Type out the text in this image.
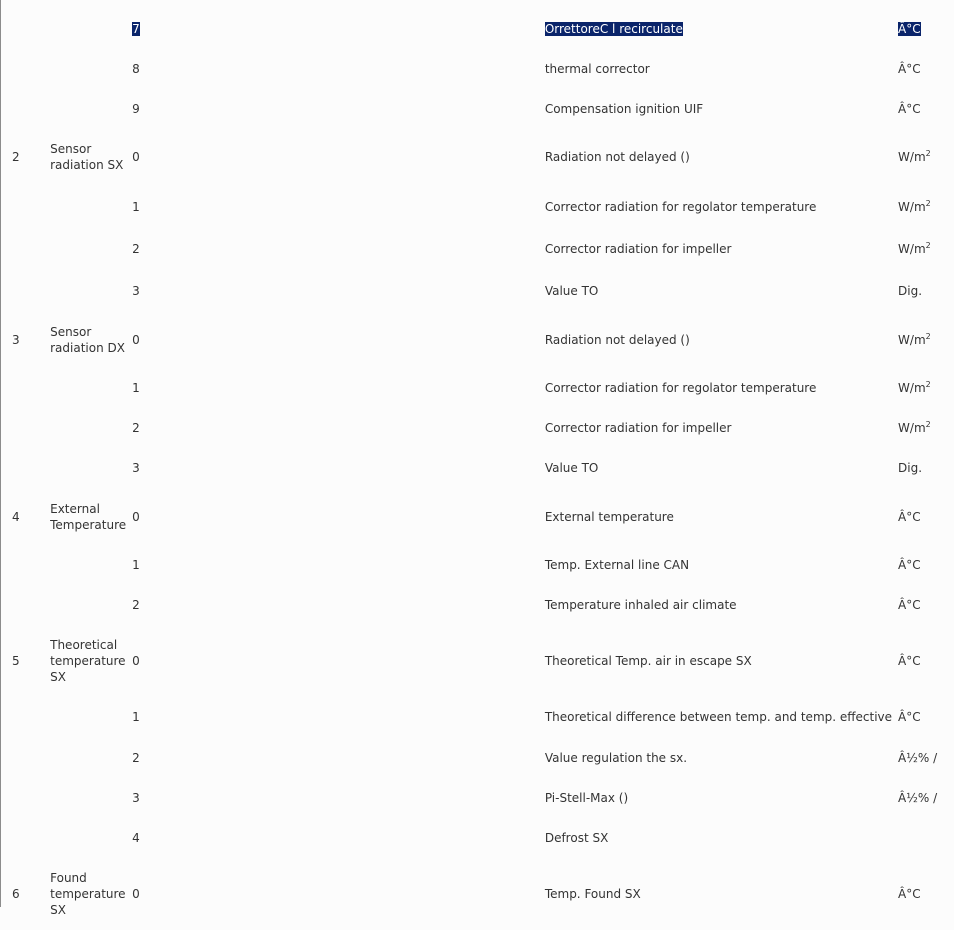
		7	OrrettoreC l recirculate	Â°C
		8	thermal corrector	Â°C
		9	Compensation ignition UIF	Â°C
2	Sensor radiation SX	0	Radiation not delayed ()	$W/m^2$
		1	Corrector radiation for regolator temperature	$W/m^2$
		2	Corrector radiation for impeller	$W/m^2$
		3	Value TO	Dig.
3	Sensor radiation DX	0	Radiation not delayed ()	$W/m^2$
		1	Corrector radiation for regolator temperature	$W/m^2$
		2	Corrector radiation for impeller	$W/m^2$
		3	Value TO	Dig.
4	External Temperature	0	External temperature	Â°C
		1	Temp. External line CAN	Â°C
		2	Temperature inhaled air climate	Â°C
5	Theoretical temperature SX	0	Theoretical Temp. air in escape SX	Â°C
		1	Theoretical difference between temp. and temp. effective	Â°C
		2	Value regulation the sx.	Â½% /
		3	Pi-Stell-Max ()	Â½% /
		4	Defrost SX	
6	Found temperature SX	0	Temp. Found SX	Â°C
